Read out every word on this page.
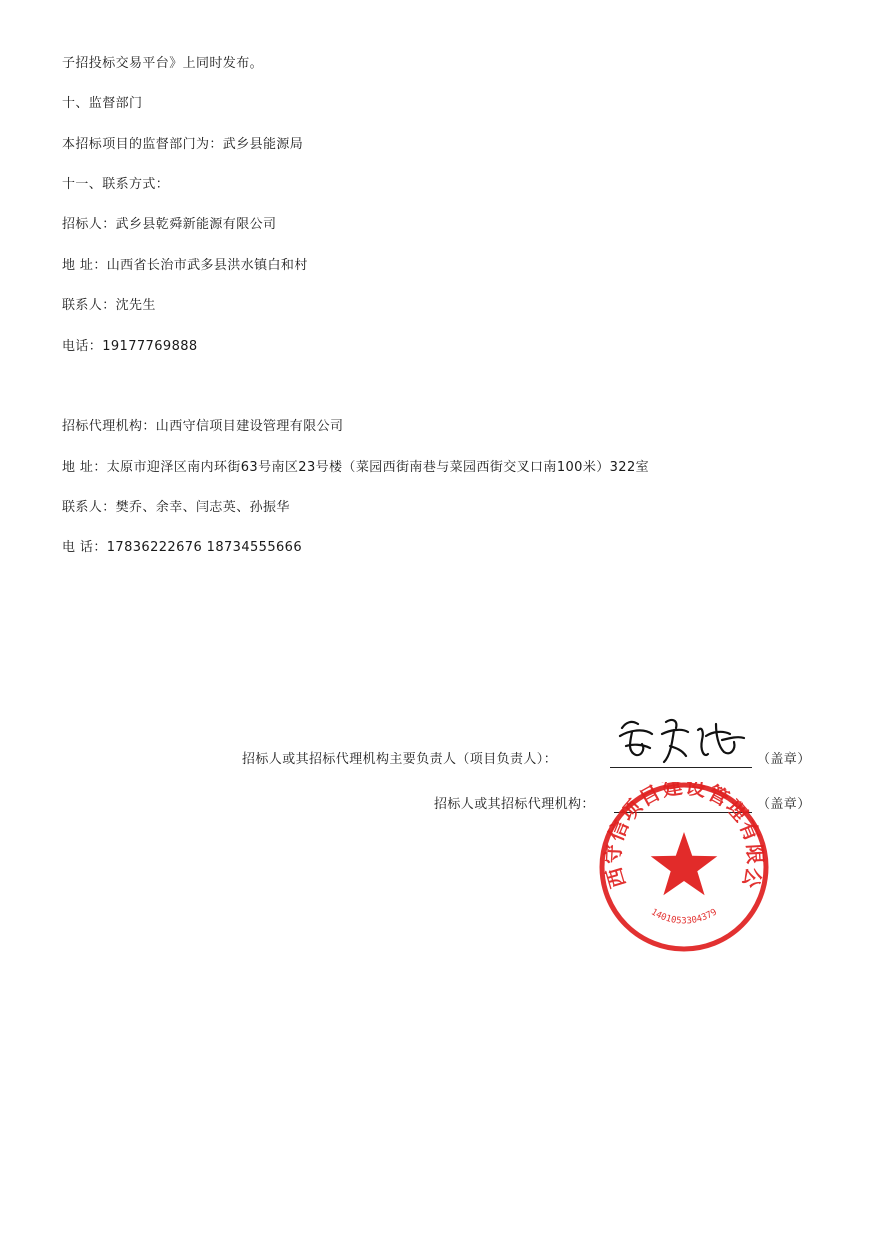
子招投标交易平台》上同时发布。
十、监督部门
本招标项目的监督部门为：武乡县能源局
十一、联系方式：
招标人：武乡县乾舜新能源有限公司
地 址：山西省长治市武多县洪水镇白和村
联系人：沈先生
电话：19177769888
招标代理机构：山西守信项目建设管理有限公司
地 址：太原市迎泽区南内环街63号南区23号楼（菜园西街南巷与菜园西街交叉口南100米）322室
联系人：樊乔、余幸、闫志英、孙振华
电 话：17836222676 18734555666
招标人或其招标代理机构主要负责人（项目负责人）：	（盖章）
招标人或其招标代理机构：	（盖章）
西守信项目建设管理有限公
1401053304379
